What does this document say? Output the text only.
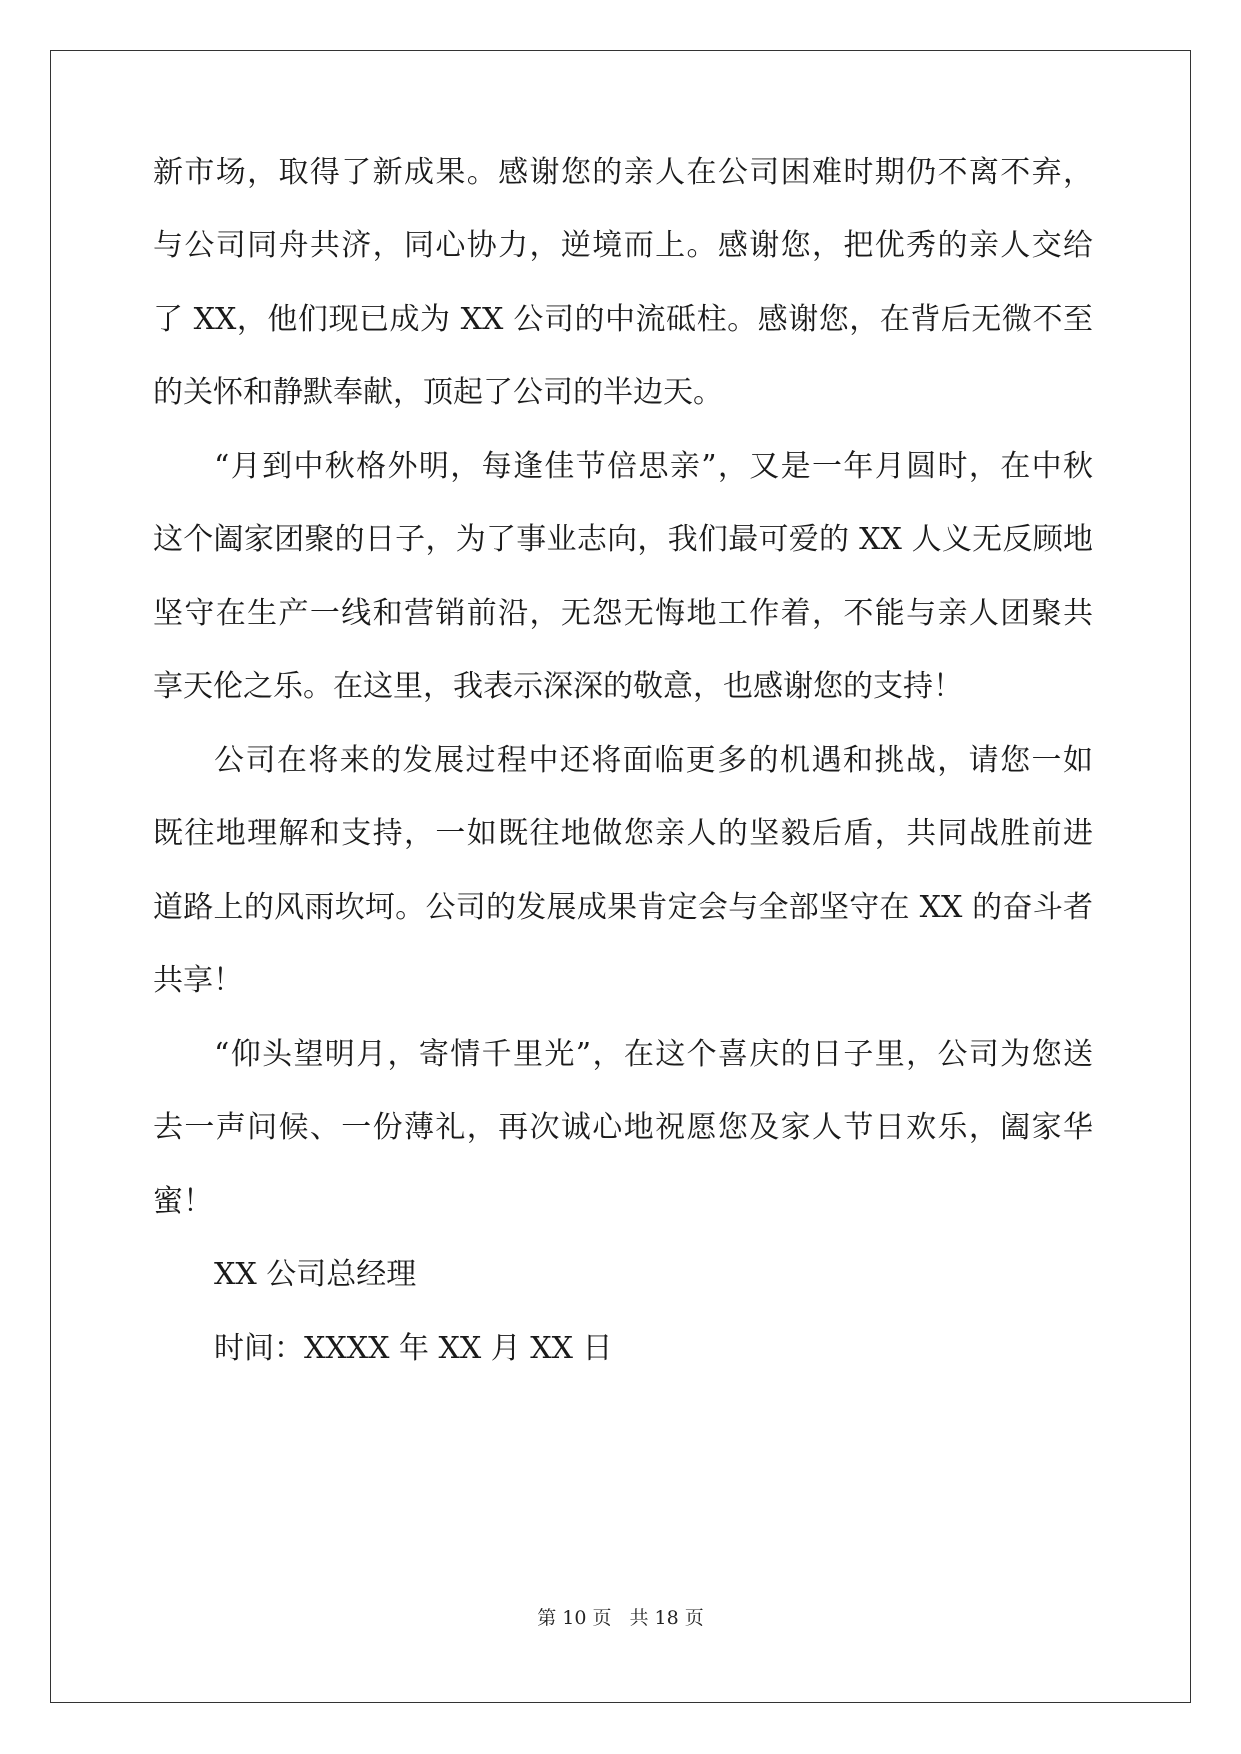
新市场，取得了新成果。感谢您的亲人在公司困难时期仍不离不弃，
与公司同舟共济，同心协力，逆境而上。感谢您，把优秀的亲人交给
了 XX，他们现已成为 XX 公司的中流砥柱。感谢您，在背后无微不至
的关怀和静默奉献，顶起了公司的半边天。
“月到中秋格外明，每逢佳节倍思亲”，又是一年月圆时，在中秋
这个阖家团聚的日子，为了事业志向，我们最可爱的 XX 人义无反顾地
坚守在生产一线和营销前沿，无怨无悔地工作着，不能与亲人团聚共
享天伦之乐。在这里，我表示深深的敬意，也感谢您的支持！
公司在将来的发展过程中还将面临更多的机遇和挑战，请您一如
既往地理解和支持，一如既往地做您亲人的坚毅后盾，共同战胜前进
道路上的风雨坎坷。公司的发展成果肯定会与全部坚守在 XX 的奋斗者
共享！
“仰头望明月，寄情千里光”，在这个喜庆的日子里，公司为您送
去一声问候、一份薄礼，再次诚心地祝愿您及家人节日欢乐，阖家华
蜜！
XX 公司总经理
时间：XXXX 年 XX 月 XX 日
第 10 页 共 18 页
